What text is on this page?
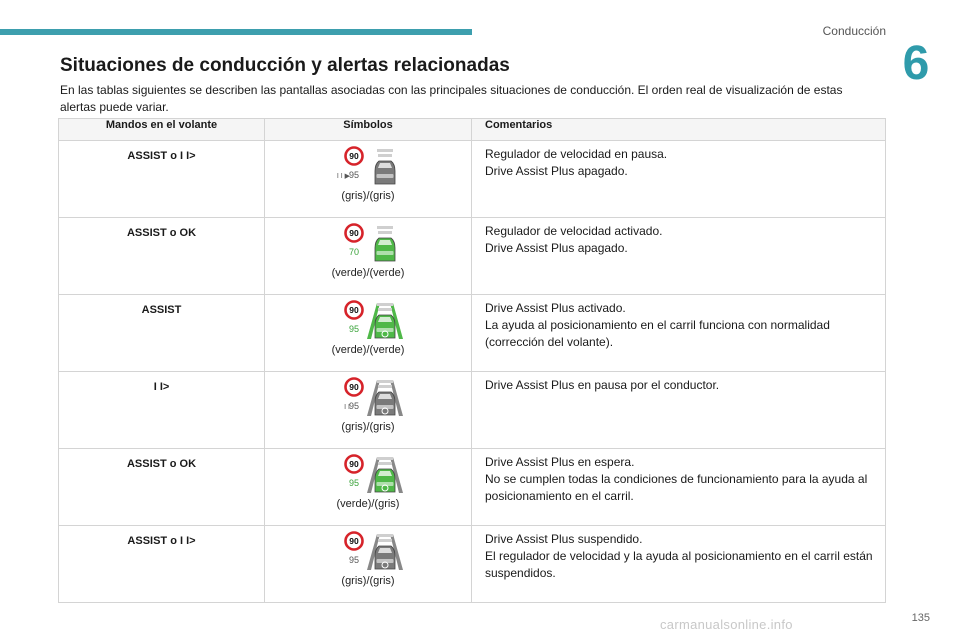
Conducción
6
Situaciones de conducción y alertas relacionadas

En las tablas siguientes se describen las pantallas asociadas con las principales situaciones de conducción. El orden real de visualización de estas alertas puede variar.

Mandos en el volante	Símbolos	Comentarios
ASSIST o I I>	90
I I ▶
95
(gris)/(gris)	Regulador de velocidad en pausa.
Drive Assist Plus apagado.

ASSIST o OK	90
70
(verde)/(verde)	Regulador de velocidad activado.
Drive Assist Plus apagado.

ASSIST	90
95
(verde)/(verde)	Drive Assist Plus activado.
La ayuda al posicionamiento en el carril funciona con normalidad (corrección del volante).

I I>	90
I I
95
(gris)/(gris)	Drive Assist Plus en pausa por el conductor.

ASSIST o OK	90
95
(verde)/(gris)	Drive Assist Plus en espera.
No se cumplen todas la condiciones de funcionamiento para la ayuda al posicionamiento en el carril.

ASSIST o I I>	90
95
(gris)/(gris)	Drive Assist Plus suspendido.
El regulador de velocidad y la ayuda al posicionamiento en el carril están suspendidos.
carmanualsonline.info	135
